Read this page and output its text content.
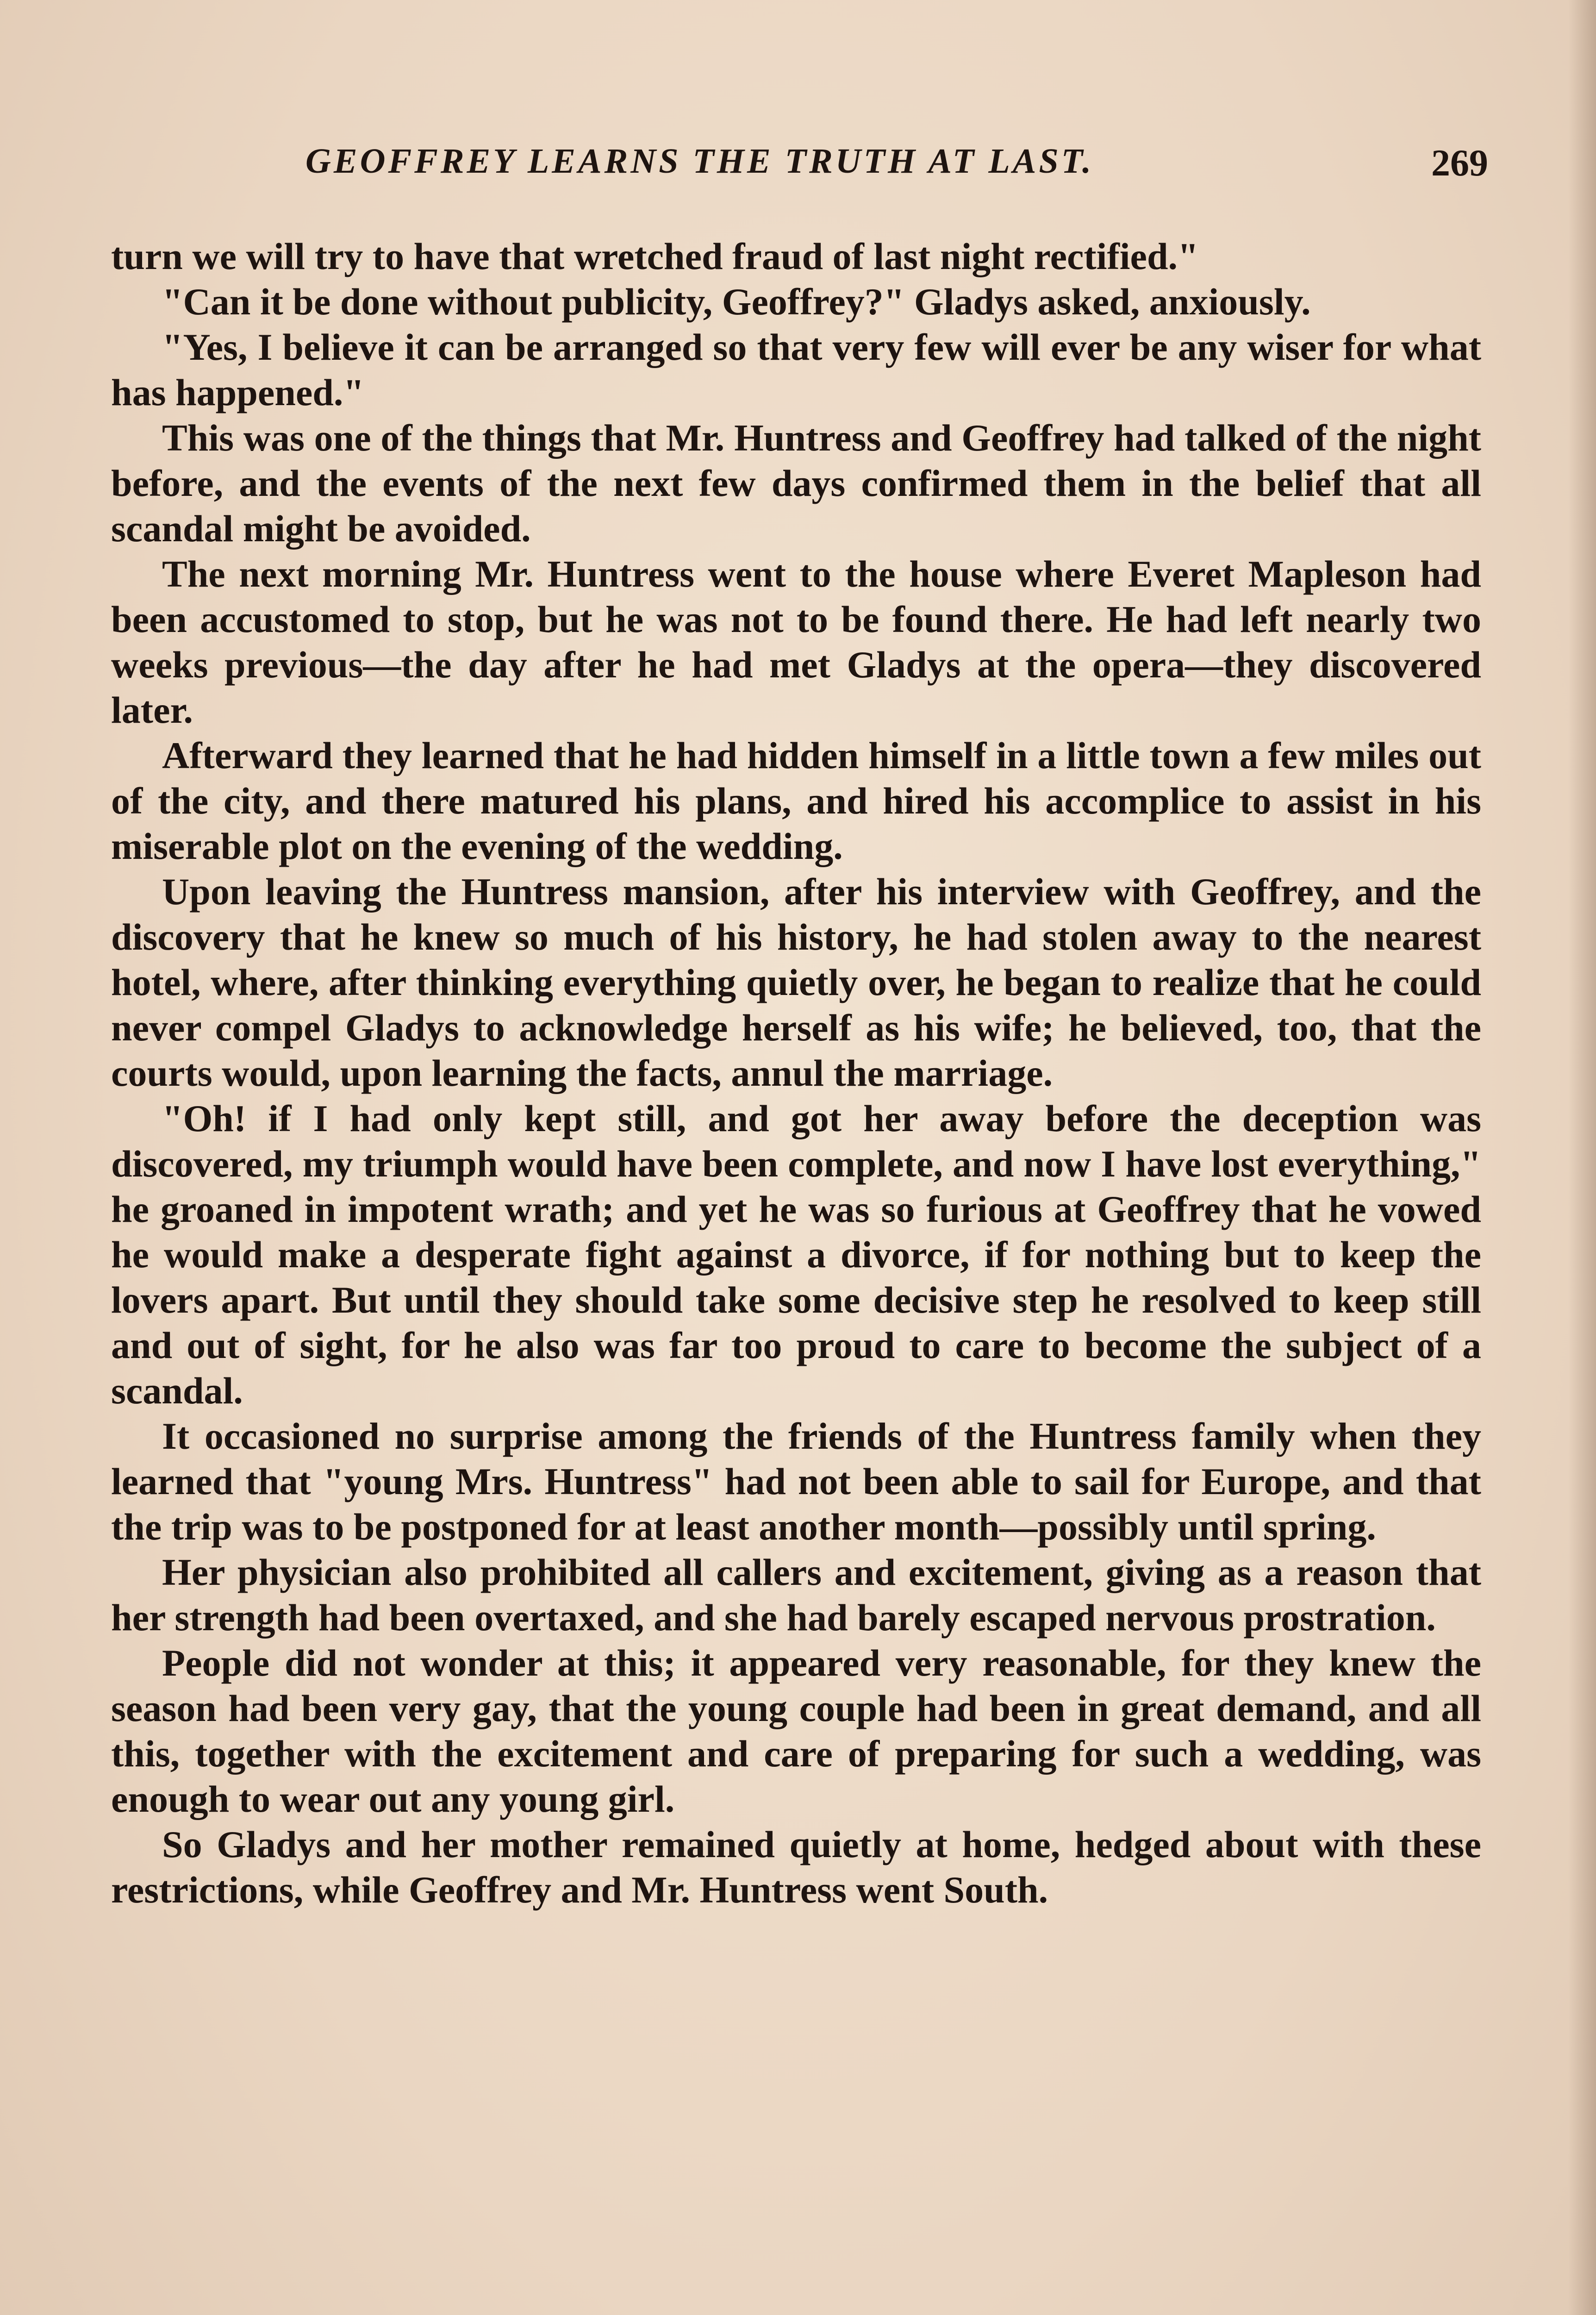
GEOFFREY LEARNS THE TRUTH AT LAST.	269

turn we will try to have that wretched fraud of last night rectified."

"Can it be done without publicity, Geoffrey?" Gladys asked, anxiously.

"Yes, I believe it can be arranged so that very few will ever be any wiser for what has happened."

This was one of the things that Mr. Huntress and Geoffrey had talked of the night before, and the events of the next few days confirmed them in the belief that all scandal might be avoided.

The next morning Mr. Huntress went to the house where Everet Mapleson had been accustomed to stop, but he was not to be found there. He had left nearly two weeks previous—the day after he had met Gladys at the opera—they discovered later.

Afterward they learned that he had hidden himself in a little town a few miles out of the city, and there matured his plans, and hired his accomplice to assist in his miserable plot on the evening of the wedding.

Upon leaving the Huntress mansion, after his interview with Geoffrey, and the discovery that he knew so much of his history, he had stolen away to the nearest hotel, where, after thinking everything quietly over, he began to realize that he could never compel Gladys to acknowledge herself as his wife; he believed, too, that the courts would, upon learning the facts, annul the marriage.

"Oh! if I had only kept still, and got her away before the deception was discovered, my triumph would have been complete, and now I have lost everything," he groaned in impotent wrath; and yet he was so furious at Geoffrey that he vowed he would make a desperate fight against a divorce, if for nothing but to keep the lovers apart. But until they should take some decisive step he resolved to keep still and out of sight, for he also was far too proud to care to become the subject of a scandal.

It occasioned no surprise among the friends of the Huntress family when they learned that "young Mrs. Huntress" had not been able to sail for Europe, and that the trip was to be postponed for at least another month—possibly until spring.

Her physician also prohibited all callers and excitement, giving as a reason that her strength had been overtaxed, and she had barely escaped nervous prostration.

People did not wonder at this; it appeared very reasonable, for they knew the season had been very gay, that the young couple had been in great demand, and all this, together with the excitement and care of preparing for such a wedding, was enough to wear out any young girl.

So Gladys and her mother remained quietly at home, hedged about with these restrictions, while Geoffrey and Mr. Huntress went South.
